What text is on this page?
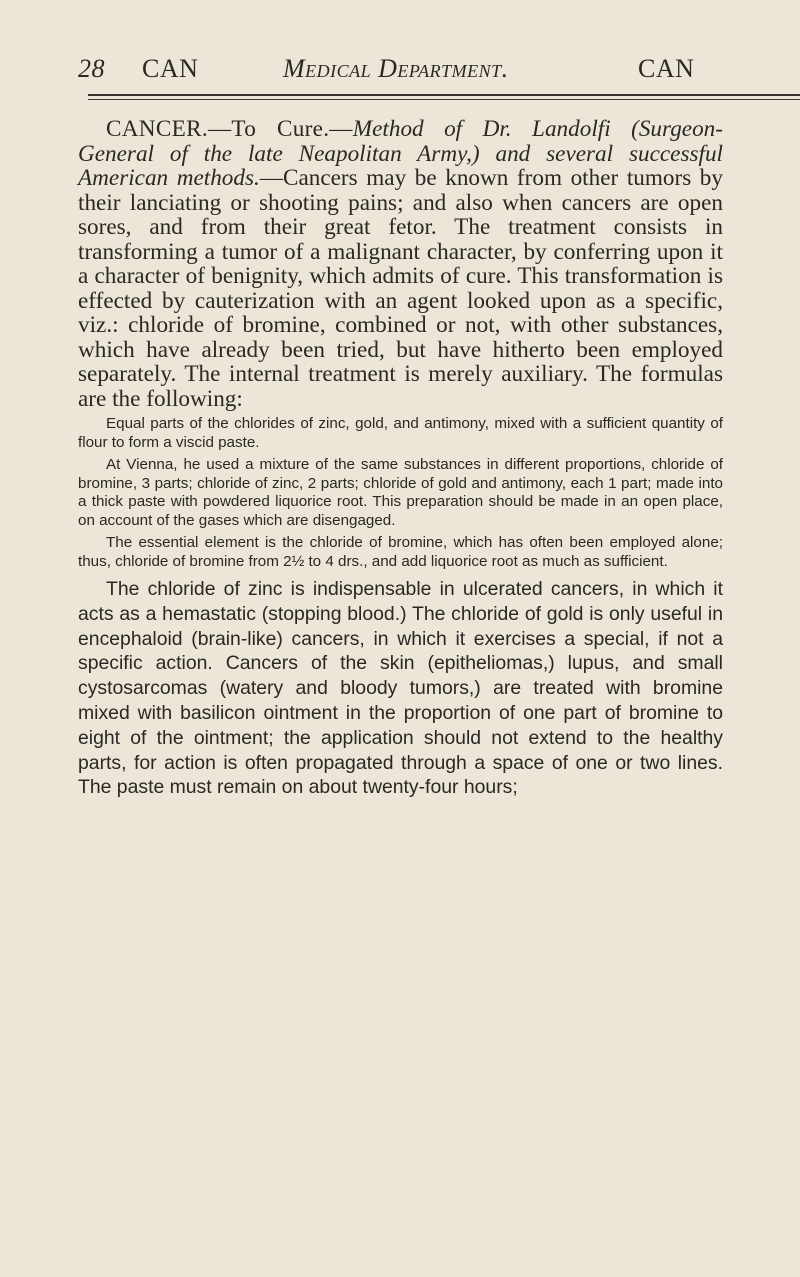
28 CAN	Medical Department.	CAN

CANCER.—To Cure.—Method of Dr. Landolfi (Surgeon-General of the late Neapolitan Army,) and several successful American methods.—Cancers may be known from other tumors by their lanciating or shooting pains; and also when cancers are open sores, and from their great fetor. The treatment consists in transforming a tumor of a malignant character, by conferring upon it a character of benignity, which admits of cure. This transformation is effected by cauterization with an agent looked upon as a specific, viz.: chloride of bromine, combined or not, with other substances, which have already been tried, but have hitherto been employed separately. The internal treatment is merely auxiliary. The formulas are the following:

Equal parts of the chlorides of zinc, gold, and antimony, mixed with a sufficient quantity of flour to form a viscid paste.

At Vienna, he used a mixture of the same substances in different proportions, chloride of bromine, 3 parts; chloride of zinc, 2 parts; chloride of gold and antimony, each 1 part; made into a thick paste with powdered liquorice root. This preparation should be made in an open place, on account of the gases which are disengaged.

The essential element is the chloride of bromine, which has often been employed alone; thus, chloride of bromine from 2½ to 4 drs., and add liquorice root as much as sufficient.

The chloride of zinc is indispensable in ulcerated cancers, in which it acts as a hemastatic (stopping blood.) The chloride of gold is only useful in encephaloid (brain-like) cancers, in which it exercises a special, if not a specific action. Cancers of the skin (epitheliomas,) lupus, and small cystosarcomas (watery and bloody tumors,) are treated with bromine mixed with basilicon ointment in the proportion of one part of bromine to eight of the ointment; the application should not extend to the healthy parts, for action is often propagated through a space of one or two lines. The paste must remain on about twenty-four hours;
